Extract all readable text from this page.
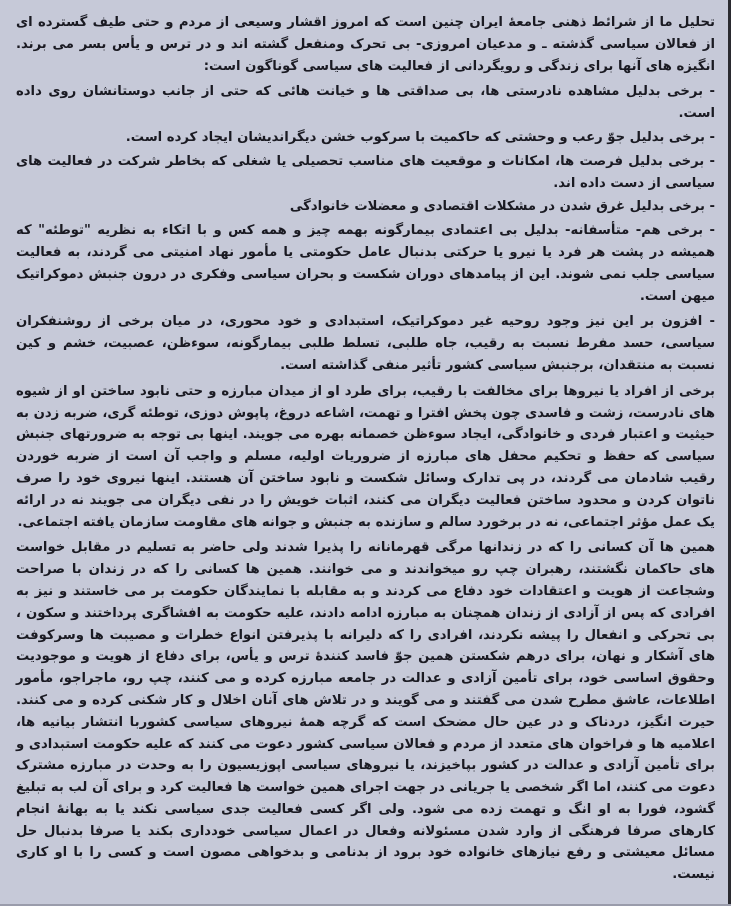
تحلیل ما از شرائط ذهنی جامعهٔ ایران چنین است که امروز اقشار وسیعی از مردم و حتی طیف گسترده ای از فعالان سیاسی گذشته ـ و مدعیان امروزی- بی تحرک ومنفعل گشته اند و در ترس و یأس بسر می برند. انگیزه های آنها برای زندگی و رویگردانی از فعالیت های سیاسی گوناگون است:

- برخی بدلیل مشاهده نادرستی ها، بی صداقتی ها و خیانت هائی که حتی از جانب دوستانشان روی داده است.

- برخی بدلیل جوّ رعب و وحشتی که حاکمیت با سرکوب خشن دیگراندیشان ایجاد کرده است.

- برخی بدلیل فرصت ها، امکانات و موقعیت های مناسب تحصیلی یا شغلی که بخاطر شرکت در فعالیت های سیاسی از دست داده اند.

- برخی بدلیل غرق شدن در مشکلات اقتصادی و معضلات خانوادگی

- برخی هم- متأسفانه- بدلیل بی اعتمادی بیمارگونه بهمه چیز و همه کس و با اتکاء به نظریه "توطئه" که همیشه در پشت هر فرد یا نیرو یا حرکتی بدنبال عامل حکومتی یا مأمور نهاد امنیتی می گردند، به فعالیت سیاسی جلب نمی شوند. این از پیامدهای دوران شکست و بحران سیاسی وفکری در درون جنبش دموکراتیک میهن است.

- افزون بر این نیز وجود روحیه غیر دموکراتیک، استبدادی و خود محوری، در میان برخی از روشنفکران سیاسی، حسد مفرط نسبت به رقیب، جاه طلبی، تسلط طلبی بیمارگونه، سوءظن، عصبیت، خشم و کین نسبت به منتقدان، برجنبش سیاسی کشور تأثیر منفی گذاشته است.

برخی از افراد یا نیروها برای مخالفت با رقیب، برای طرد او از میدان مبارزه و حتی نابود ساختن او از شیوه های نادرست، زشت و فاسدی چون پخش افترا و تهمت، اشاعه دروغ، پاپوش دوزی، توطئه گری، ضربه زدن به حیثیت و اعتبار فردی و خانوادگی، ایجاد سوءظن خصمانه بهره می جویند. اینها بی توجه به ضرورتهای جنبش سیاسی که حفظ و تحکیم محفل های مبارزه از ضروریات اولیه، مسلم و واجب آن است از ضربه خوردن رقیب شادمان می گردند، در پی تدارک وسائل شکست و نابود ساختن آن هستند. اینها نیروی خود را صرف ناتوان کردن و محدود ساختن فعالیت دیگران می کنند، اثبات خویش را در نفی دیگران می جویند نه در ارائه یک عمل مؤثر اجتماعی، نه در برخورد سالم و سازنده به جنبش و جوانه های مقاومت سازمان یافته اجتماعی.

همین ها آن کسانی را که در زندانها مرگی قهرمانانه را پذیرا شدند ولی حاضر به تسلیم در مقابل خواست های حاکمان نگشتند، رهبران چپ رو میخواندند و می خوانند. همین ها کسانی را که در زندان با صراحت وشجاعت از هویت و اعتقادات خود دفاع می کردند و به مقابله با نمایندگان حکومت بر می خاستند و نیز به افرادی که پس از آزادی از زندان همچنان به مبارزه ادامه دادند، علیه حکومت به افشاگری پرداختند و سکون ، بی تحرکی و انفعال را پیشه نکردند، افرادی را که دلیرانه با پذیرفتن انواع خطرات و مصیبت ها وسرکوفت های آشکار و نهان، برای درهم شکستن همین جوّ فاسد کنندهٔ ترس و یأس، برای دفاع از هویت و موجودیت وحقوق اساسی خود، برای تأمین آزادی و عدالت در جامعه مبارزه کرده و می کنند، چپ رو، ماجراجو، مأمور اطلاعات، عاشق مطرح شدن می گفتند و می گویند و در تلاش های آنان اخلال و کار شکنی کرده و می کنند. حیرت انگیز، دردناک و در عین حال مضحک است که گرچه همهٔ نیروهای سیاسی کشوربا انتشار بیانیه ها، اعلامیه ها و فراخوان های متعدد از مردم و فعالان سیاسی کشور دعوت می کنند که علیه حکومت استبدادی و برای تأمین آزادی و عدالت در کشور بپاخیزند، یا نیروهای سیاسی اپوزیسیون را به وحدت در مبارزه مشترک دعوت می کنند، اما اگر شخصی یا جریانی در جهت اجرای همین خواست ها فعالیت کرد و برای آن لب به تبلیغ گشود، فورا به او انگ و تهمت زده می شود. ولی اگر کسی فعالیت جدی سیاسی نکند یا به بهانهٔ انجام کارهای صرفا فرهنگی از وارد شدن مسئولانه وفعال در اعمال سیاسی خودداری بکند یا صرفا بدنبال حل مسائل معیشتی و رفع نیازهای خانواده خود برود از بدنامی و بدخواهی مصون است و کسی را با او کاری نیست.
